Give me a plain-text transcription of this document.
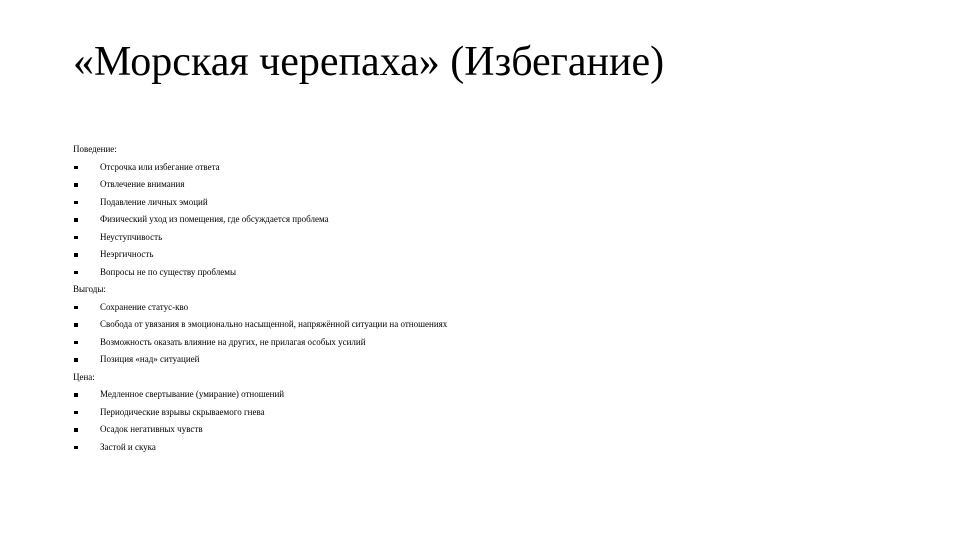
«Морская черепаха» (Избегание)
Поведение:
Отсрочка или избегание ответа
Отвлечение внимания
Подавление личных эмоций
Физический уход из помещения, где обсуждается проблема
Неуступчивость
Неэргичность
Вопросы не по существу проблемы
Выгоды:
Сохранение статус-кво
Свобода от увязания в эмоционально насыщенной, напряжённой ситуации на отношениях
Возможность оказать влияние на других, не прилагая особых усилий
Позиция «над» ситуацией
Цена:
Медленное свертывание (умирание) отношений
Периодические взрывы скрываемого гнева
Осадок негативных чувств
Застой и скука
